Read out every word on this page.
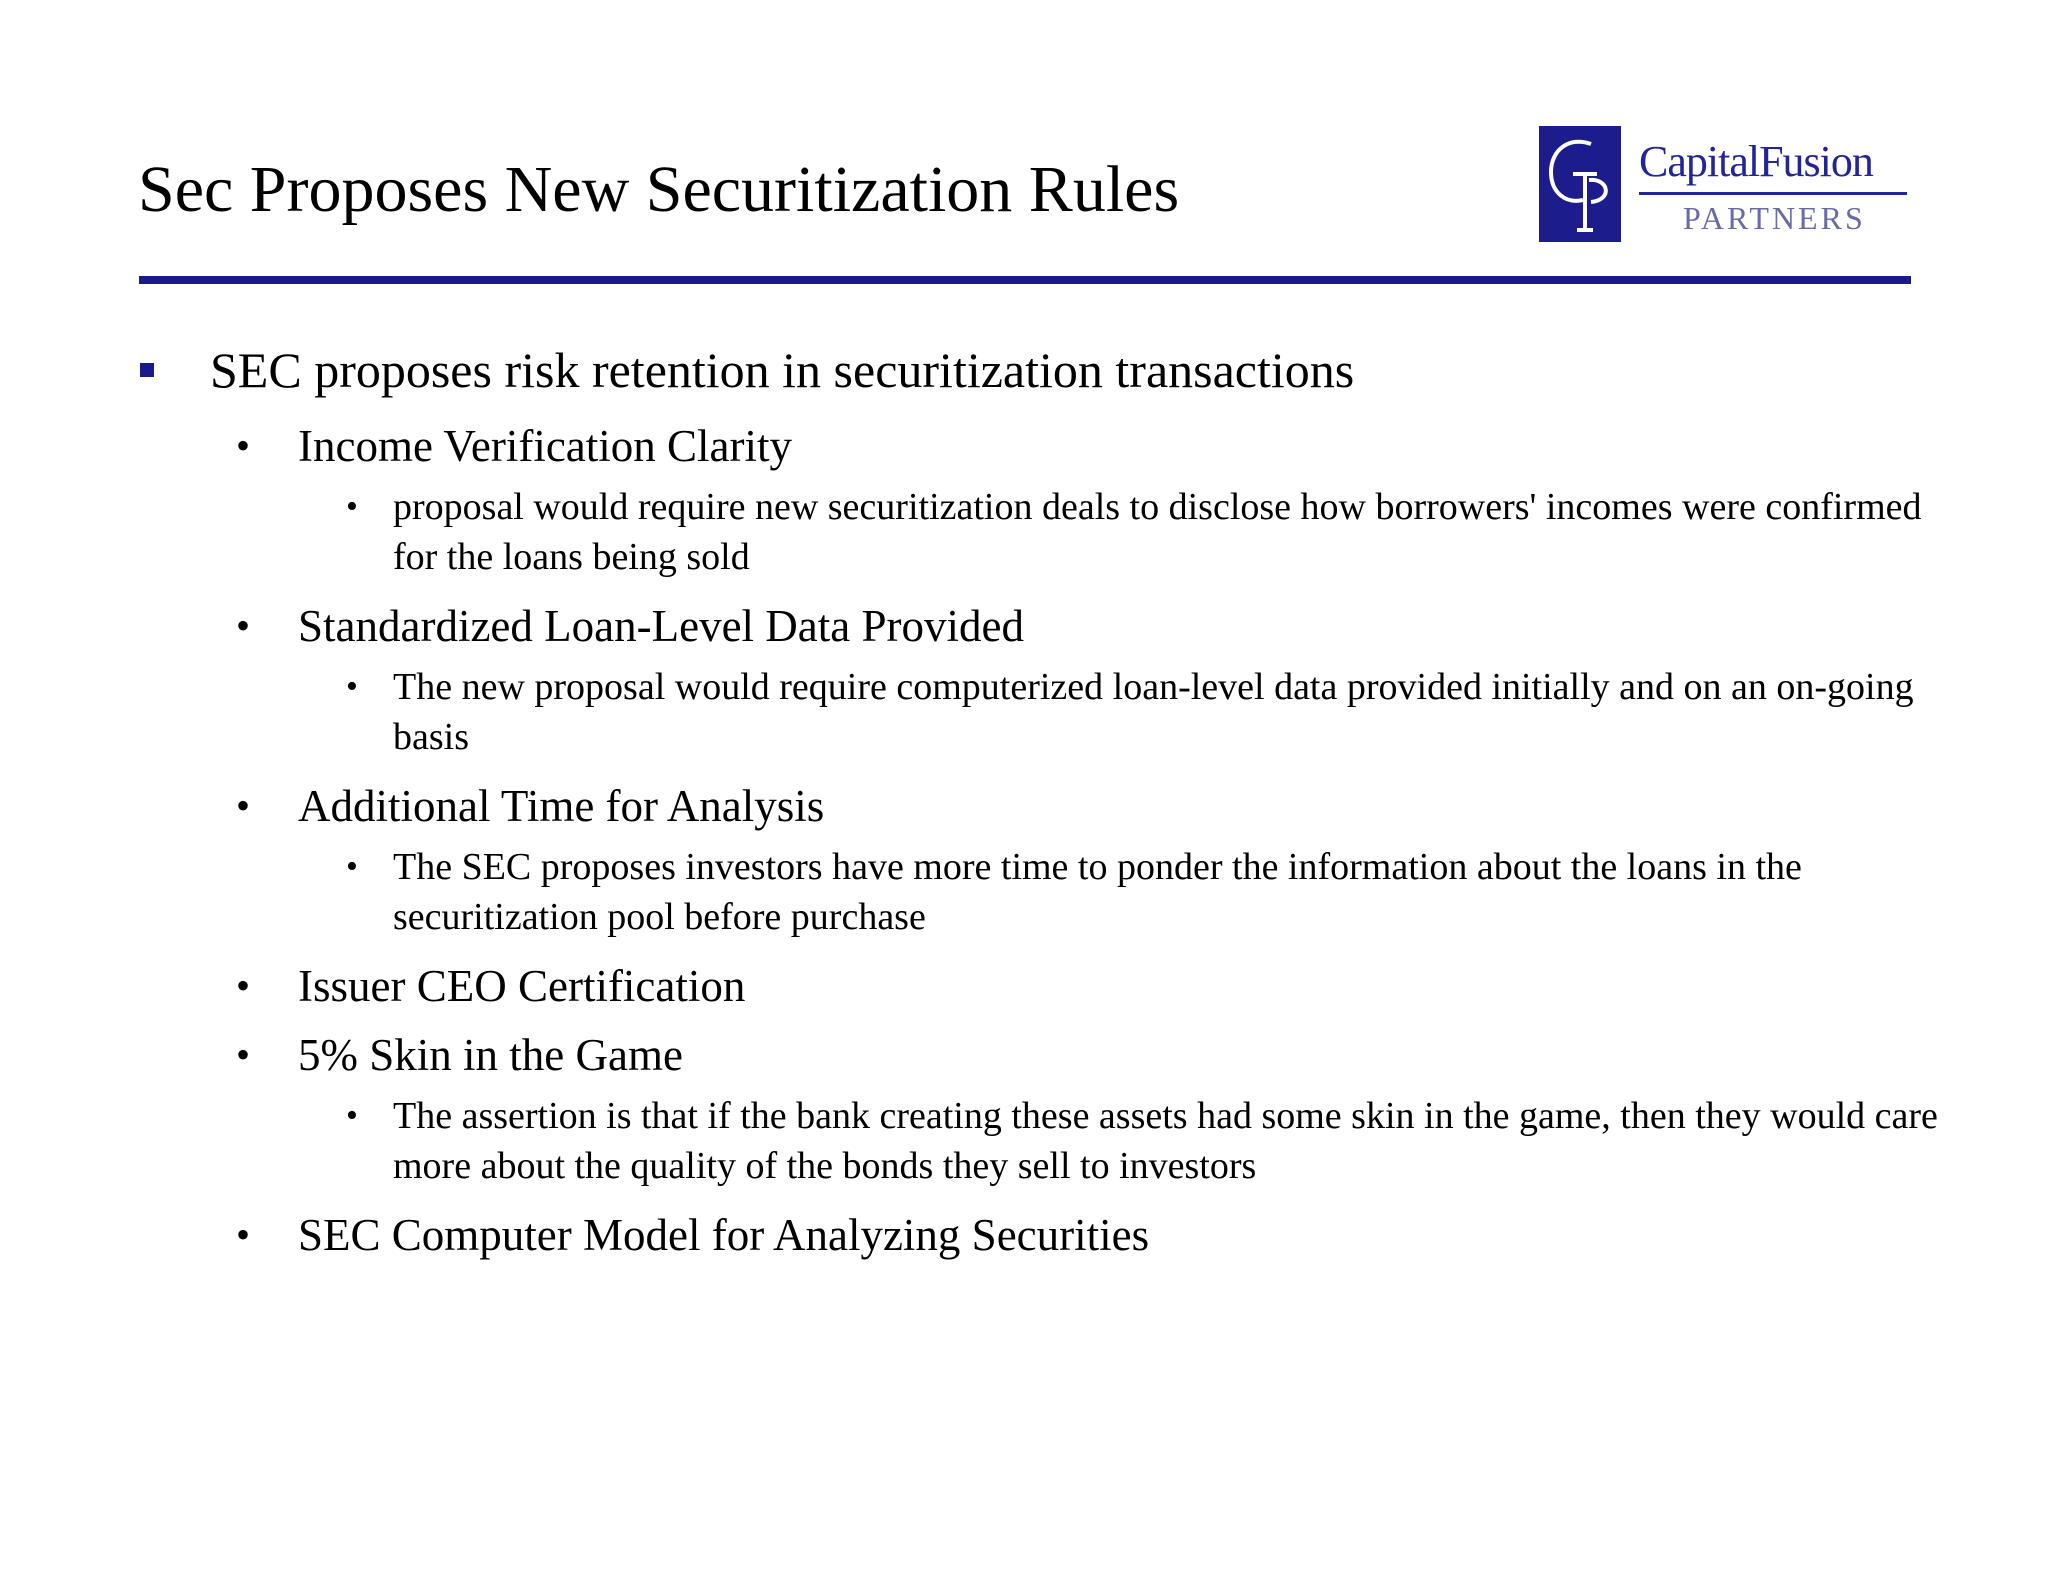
Sec Proposes New Securitization Rules	CapitalFusion
PARTNERS
SEC proposes risk retention in securitization transactions
• Income Verification Clarity
• proposal would require new securitization deals to disclose how borrowers' incomes were confirmed for the loans being sold
• Standardized Loan-Level Data Provided
• The new proposal would require computerized loan-level data provided initially and on an on-going basis
• Additional Time for Analysis
• The SEC proposes investors have more time to ponder the information about the loans in the securitization pool before purchase
• Issuer CEO Certification
• 5% Skin in the Game
• The assertion is that if the bank creating these assets had some skin in the game, then they would care more about the quality of the bonds they sell to investors
• SEC Computer Model for Analyzing Securities
